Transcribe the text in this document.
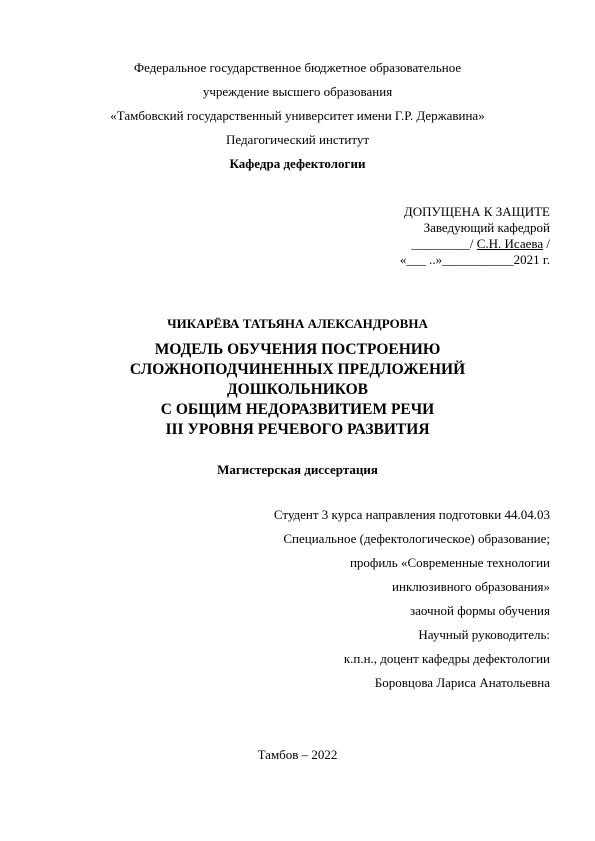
Федеральное государственное бюджетное образовательное
учреждение высшего образования
«Тамбовский государственный университет имени Г.Р. Державина»
Педагогический институт
Кафедра дефектологии
ДОПУЩЕНА К ЗАЩИТЕ
Заведующий кафедрой
_________/ С.Н. Исаева /
«___ ..»___________2021 г.
ЧИКАРЁВА ТАТЬЯНА АЛЕКСАНДРОВНА
МОДЕЛЬ ОБУЧЕНИЯ ПОСТРОЕНИЮ
СЛОЖНОПОДЧИНЕННЫХ ПРЕДЛОЖЕНИЙ
ДОШКОЛЬНИКОВ
С ОБЩИМ НЕДОРАЗВИТИЕМ РЕЧИ
III УРОВНЯ РЕЧЕВОГО РАЗВИТИЯ
Магистерская диссертация
Студент 3 курса направления подготовки 44.04.03
Специальное (дефектологическое) образование;
профиль «Современные технологии
инклюзивного образования»
заочной формы обучения
Научный руководитель:
к.п.н., доцент кафедры дефектологии
Боровцова Лариса Анатольевна
Тамбов – 2022
